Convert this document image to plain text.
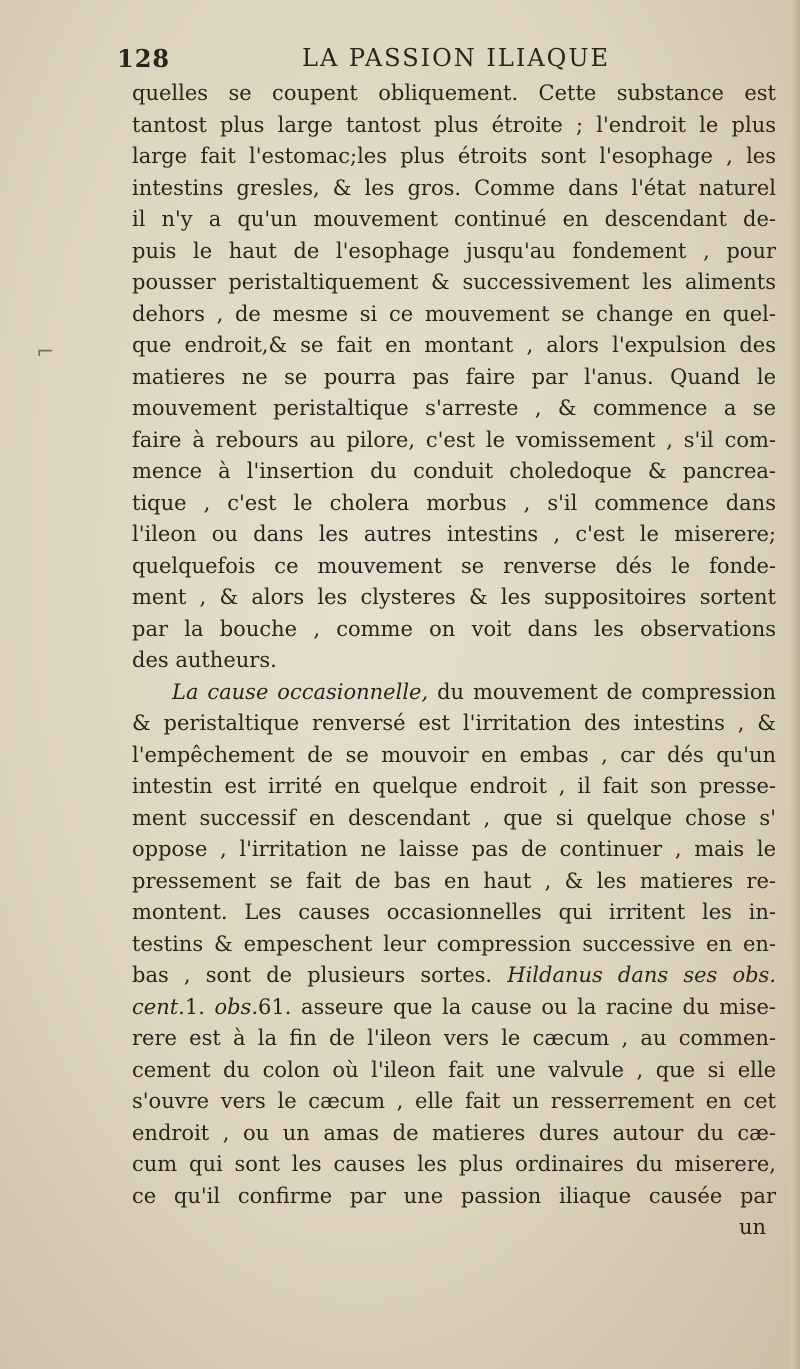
128	LA PASSION ILIAQUE
⌐
quelles se coupent obliquement. Cette substance est
tantost plus large tantost plus étroite ; l'endroit le plus
large fait l'estomac;les plus étroits sont l'esophage , les
intestins gresles, & les gros. Comme dans l'état naturel
il n'y a qu'un mouvement continué en descendant de-
puis le haut de l'esophage jusqu'au fondement , pour
pousser peristaltiquement & successivement les aliments
dehors , de mesme si ce mouvement se change en quel-
que endroit,& se fait en montant , alors l'expulsion des
matieres ne se pourra pas faire par l'anus. Quand le
mouvement peristaltique s'arreste , & commence a se
faire à rebours au pilore, c'est le vomissement , s'il com-
mence à l'insertion du conduit choledoque & pancrea-
tique , c'est le cholera morbus , s'il commence dans
l'ileon ou dans les autres intestins , c'est le miserere;
quelquefois ce mouvement se renverse dés le fonde-
ment , & alors les clysteres & les suppositoires sortent
par la bouche , comme on voit dans les observations
des autheurs.
La cause occasionnelle, du mouvement de compression
& peristaltique renversé est l'irritation des intestins , &
l'empêchement de se mouvoir en embas , car dés qu'un
intestin est irrité en quelque endroit , il fait son presse-
ment successif en descendant , que si quelque chose s'
oppose , l'irritation ne laisse pas de continuer , mais le
pressement se fait de bas en haut , & les matieres re-
montent. Les causes occasionnelles qui irritent les in-
testins & empeschent leur compression successive en en-
bas , sont de plusieurs sortes. Hildanus dans ses obs.
cent.1. obs.61. asseure que la cause ou la racine du mise-
rere est à la fin de l'ileon vers le cæcum , au commen-
cement du colon où l'ileon fait une valvule , que si elle
s'ouvre vers le cæcum , elle fait un resserrement en cet
endroit , ou un amas de matieres dures autour du cæ-
cum qui sont les causes les plus ordinaires du miserere,
ce qu'il confirme par une passion iliaque causée par
un
